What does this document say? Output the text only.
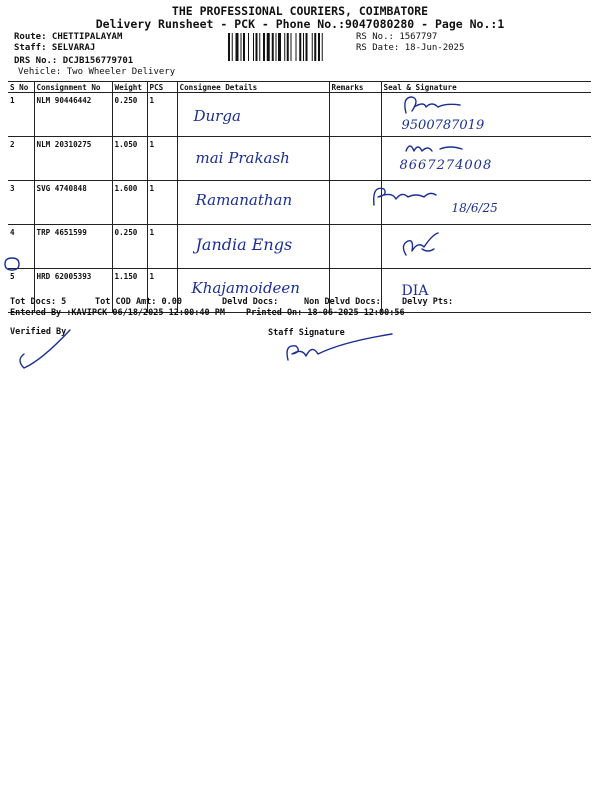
THE PROFESSIONAL COURIERS, COIMBATORE
Delivery Runsheet - PCK - Phone No.:9047080280 - Page No.:1
Route: CHETTIPALAYAM
Staff: SELVARAJ
DRS No.: DCJB156779701
Vehicle: Two Wheeler Delivery
RS No.: 1567797
RS Date: 18-Jun-2025
S No	Consignment No	Weight	PCS	Consignee Details	Remarks	Seal & Signature
1	NLM 90446442	0.250	1	Durga		9500787019

2	NLM 20310275	1.050	1	mai Prakash		8667274008

3	SVG 4740848	1.600	1	Ramanathan		18/6/25

4	TRP 4651599	0.250	1	Jandia Engs

5	HRD 62005393	1.150	1	Khajamoideen		DIA
Tot Docs: 5	Tot COD Amt: 0.00	Delvd Docs:	Non Delvd Docs: Delvy Pts:
Entered By :KAVIPCK 06/18/2025 12:00:40 PM Printed On: 18-06-2025 12:00:56
Verified By	Staff Signature
